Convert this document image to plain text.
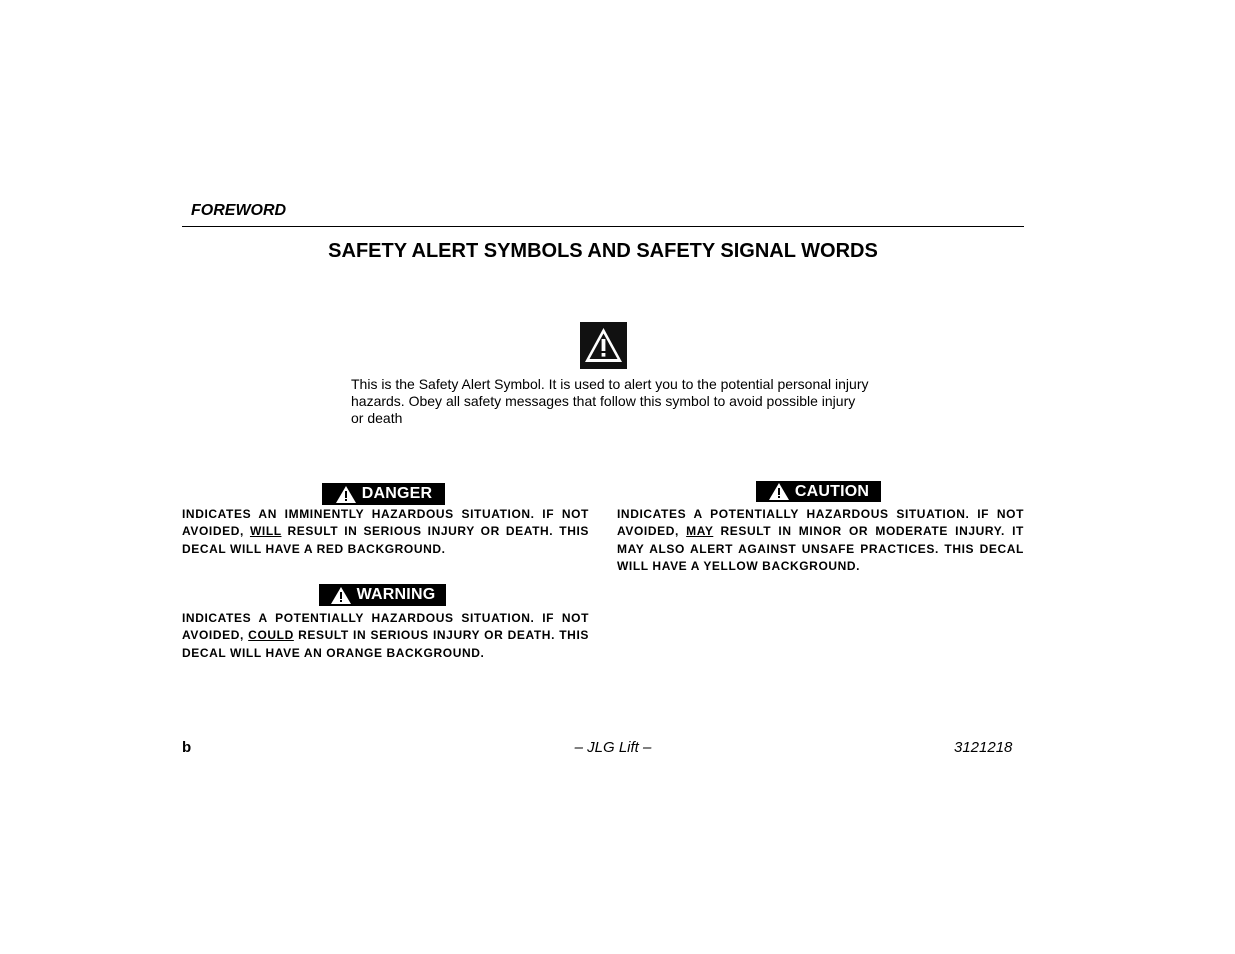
FOREWORD
SAFETY ALERT SYMBOLS AND SAFETY SIGNAL WORDS
This is the Safety Alert Symbol. It is used to alert you to the potential personal injury hazards. Obey all safety messages that follow this symbol to avoid possible injury or death
DANGER
INDICATES AN IMMINENTLY HAZARDOUS SITUATION. IF NOT AVOIDED, WILL RESULT IN SERIOUS INJURY OR DEATH. THIS DECAL WILL HAVE A RED BACKGROUND.
WARNING
INDICATES A POTENTIALLY HAZARDOUS SITUATION. IF NOT AVOIDED, COULD RESULT IN SERIOUS INJURY OR DEATH. THIS DECAL WILL HAVE AN ORANGE BACKGROUND.
CAUTION
INDICATES A POTENTIALLY HAZARDOUS SITUATION. IF NOT AVOIDED, MAY RESULT IN MINOR OR MODERATE INJURY. IT MAY ALSO ALERT AGAINST UNSAFE PRACTICES. THIS DECAL WILL HAVE A YELLOW BACKGROUND.
b	– JLG Lift –	3121218
